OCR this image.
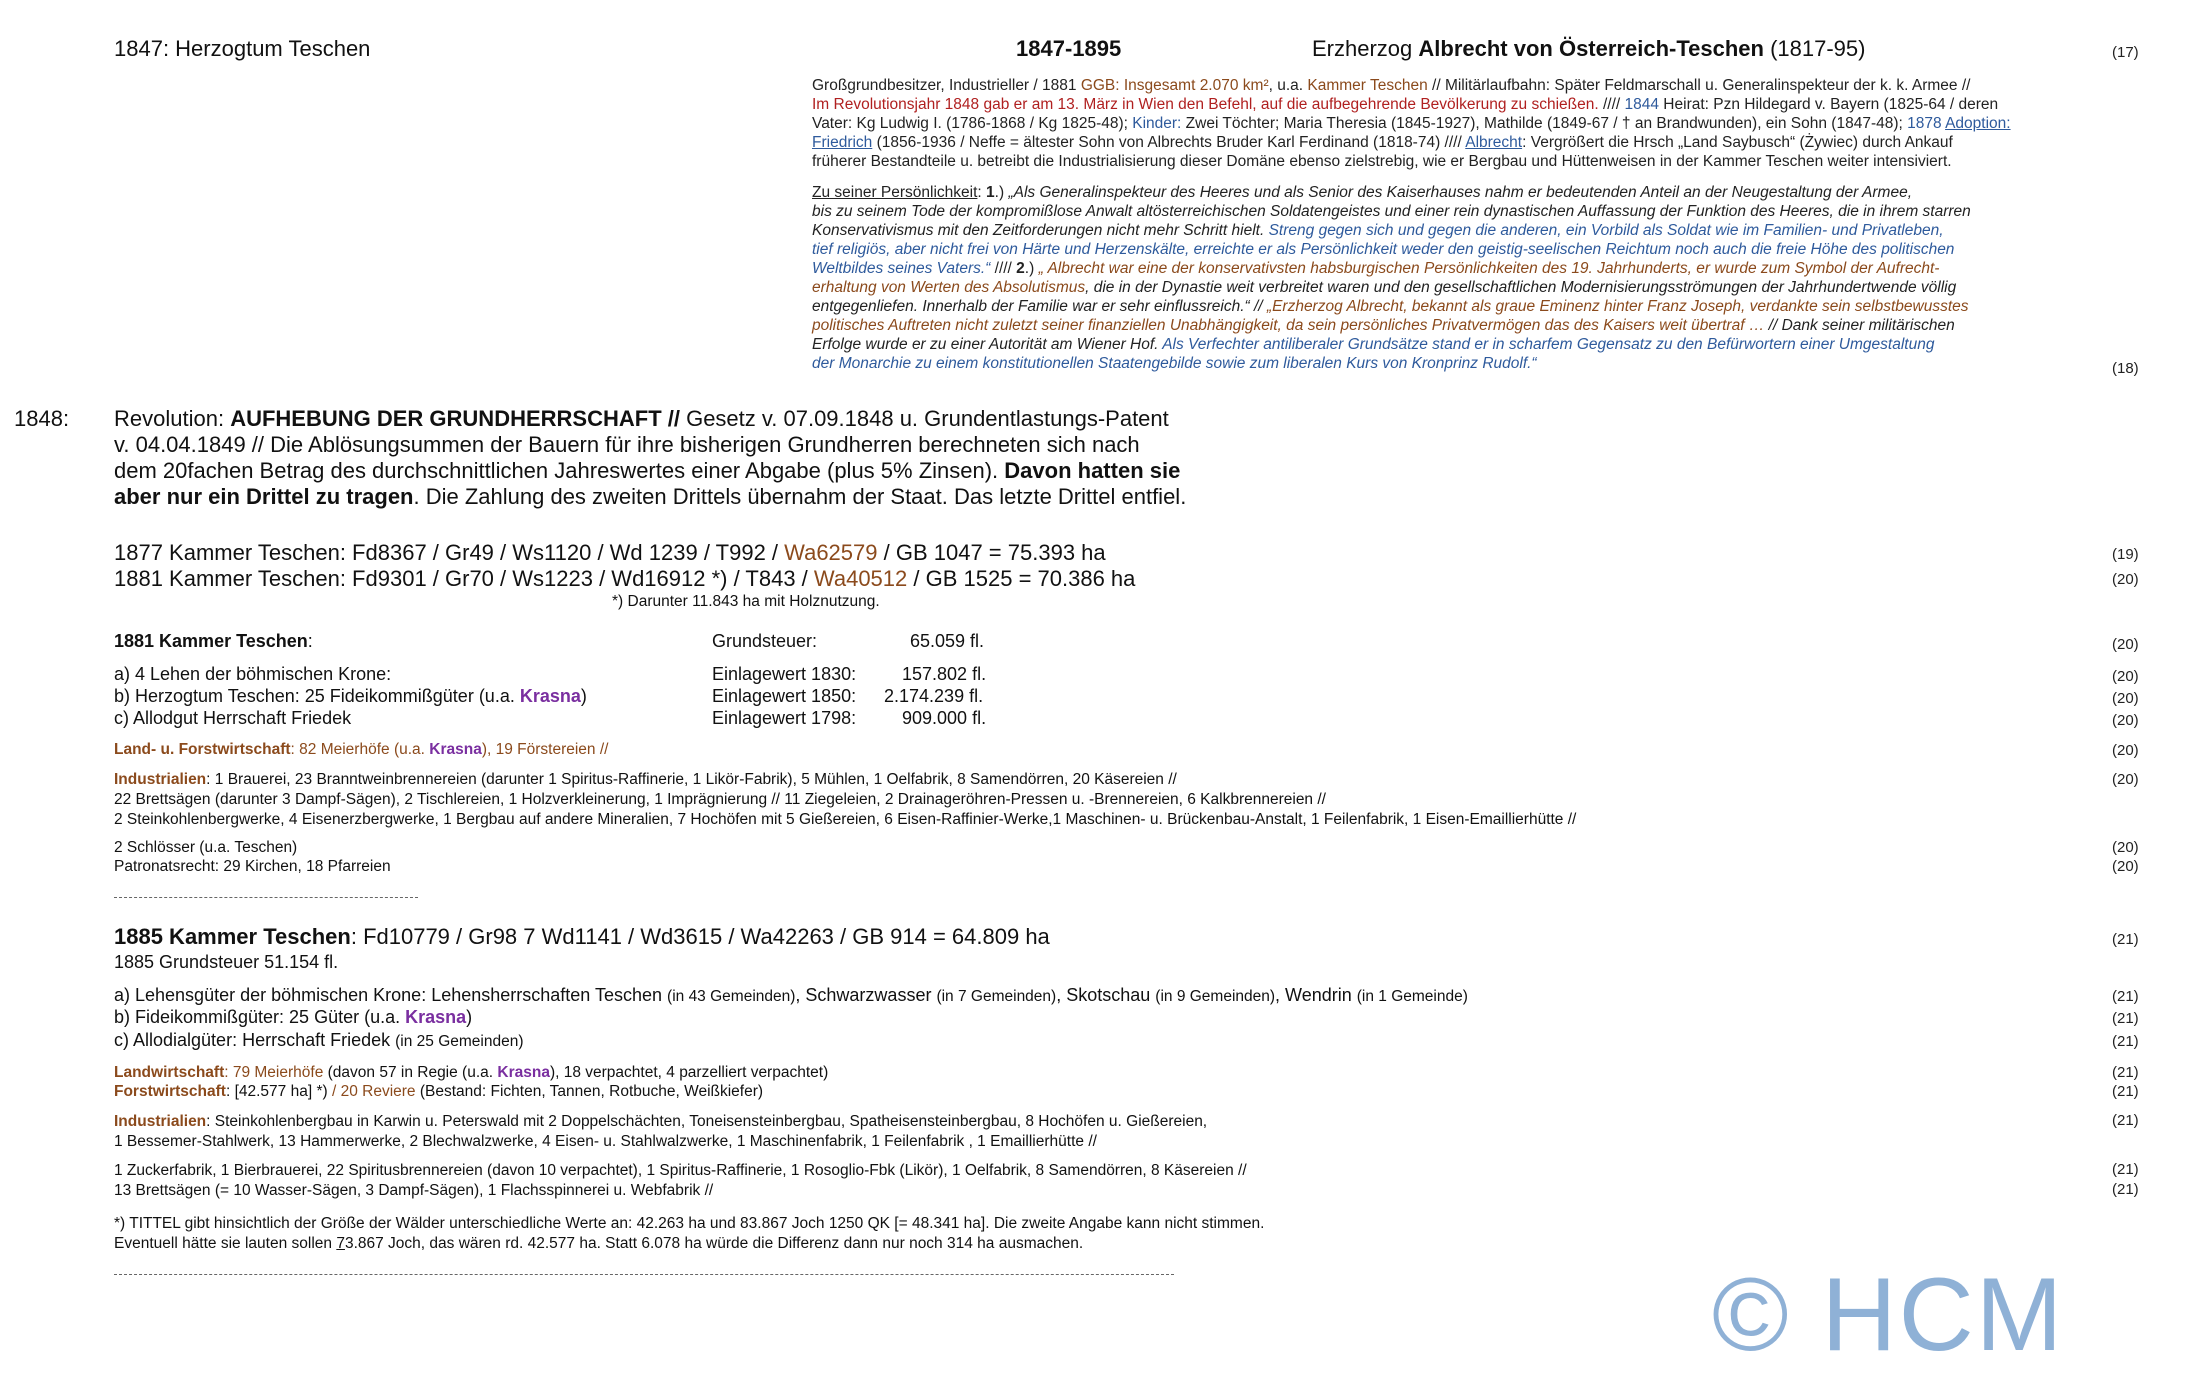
1847: Herzogtum Teschen	1847-1895	Erzherzog Albrecht von Österreich-Teschen (1817-95)	(17)
Großgrundbesitzer, Industrieller / 1881 GGB: Insgesamt 2.070 km², u.a. Kammer Teschen // Militärlaufbahn: Später Feldmarschall u. Generalinspekteur der k. k. Armee //
Im Revolutionsjahr 1848 gab er am 13. März in Wien den Befehl, auf die aufbegehrende Bevölkerung zu schießen. //// 1844 Heirat: Pzn Hildegard v. Bayern (1825-64 / deren
Vater: Kg Ludwig I. (1786-1868 / Kg 1825-48); Kinder: Zwei Töchter; Maria Theresia (1845-1927), Mathilde (1849-67 / † an Brandwunden), ein Sohn (1847-48); 1878 Adoption:
Friedrich (1856-1936 / Neffe = ältester Sohn von Albrechts Bruder Karl Ferdinand (1818-74) //// Albrecht: Vergrößert die Hrsch „Land Saybusch“ (Żywiec) durch Ankauf
früherer Bestandteile u. betreibt die Industrialisierung dieser Domäne ebenso zielstrebig, wie er Bergbau und Hüttenweisen in der Kammer Teschen weiter intensiviert.
Zu seiner Persönlichkeit: 1.) „Als Generalinspekteur des Heeres und als Senior des Kaiserhauses nahm er bedeutenden Anteil an der Neugestaltung der Armee,
bis zu seinem Tode der kompromißlose Anwalt altösterreichischen Soldatengeistes und einer rein dynastischen Auffassung der Funktion des Heeres, die in ihrem starren
Konservativismus mit den Zeitforderungen nicht mehr Schritt hielt. Streng gegen sich und gegen die anderen, ein Vorbild als Soldat wie im Familien- und Privatleben,
tief religiös, aber nicht frei von Härte und Herzenskälte, erreichte er als Persönlichkeit weder den geistig-seelischen Reichtum noch auch die freie Höhe des politischen
Weltbildes seines Vaters.“ //// 2.) „ Albrecht war eine der konservativsten habsburgischen Persönlichkeiten des 19. Jahrhunderts, er wurde zum Symbol der Aufrecht-
erhaltung von Werten des Absolutismus, die in der Dynastie weit verbreitet waren und den gesellschaftlichen Modernisierungsströmungen der Jahrhundertwende völlig
entgegenliefen. Innerhalb der Familie war er sehr einflussreich.“ // „Erzherzog Albrecht, bekannt als graue Eminenz hinter Franz Joseph, verdankte sein selbstbewusstes
politisches Auftreten nicht zuletzt seiner finanziellen Unabhängigkeit, da sein persönliches Privatvermögen das des Kaisers weit übertraf … // Dank seiner militärischen
Erfolge wurde er zu einer Autorität am Wiener Hof. Als Verfechter antiliberaler Grundsätze stand er in scharfem Gegensatz zu den Befürwortern einer Umgestaltung
der Monarchie zu einem konstitutionellen Staatengebilde sowie zum liberalen Kurs von Kronprinz Rudolf.“	(18)
1848: Revolution: AUFHEBUNG DER GRUNDHERRSCHAFT // Gesetz v. 07.09.1848 u. Grundentlastungs-Patent
v. 04.04.1849 // Die Ablösungsummen der Bauern für ihre bisherigen Grundherren berechneten sich nach
dem 20fachen Betrag des durchschnittlichen Jahreswertes einer Abgabe (plus 5% Zinsen). Davon hatten sie
aber nur ein Drittel zu tragen. Die Zahlung des zweiten Drittels übernahm der Staat. Das letzte Drittel entfiel.
1877 Kammer Teschen: Fd8367 / Gr49 / Ws1120 / Wd 1239 / T992 / Wa62579 / GB 1047 = 75.393 ha	(19)
1881 Kammer Teschen: Fd9301 / Gr70 / Ws1223 / Wd16912 *) / T843 / Wa40512 / GB 1525 = 70.386 ha	(20)
*) Darunter 11.843 ha mit Holznutzung.
1881 Kammer Teschen:	Grundsteuer:	65.059 fl.	(20)
a) 4 Lehen der böhmischen Krone:	Einlagewert 1830:	157.802 fl.	(20)
b) Herzogtum Teschen: 25 Fideikommißgüter (u.a. Krasna)	Einlagewert 1850: 2.174.239 fl.	(20)
c) Allodgut Herrschaft Friedek	Einlagewert 1798:	909.000 fl.	(20)
Land- u. Forstwirtschaft: 82 Meierhöfe (u.a. Krasna), 19 Förstereien //	(20)
Industrialien: 1 Brauerei, 23 Branntweinbrennereien (darunter 1 Spiritus-Raffinerie, 1 Likör-Fabrik), 5 Mühlen, 1 Oelfabrik, 8 Samendörren, 20 Käsereien //
22 Brettsägen (darunter 3 Dampf-Sägen), 2 Tischlereien, 1 Holzverkleinerung, 1 Imprägnierung // 11 Ziegeleien, 2 Drainageröhren-Pressen u. -Brennereien, 6 Kalkbrennereien //
2 Steinkohlenbergwerke, 4 Eisenerzbergwerke, 1 Bergbau auf andere Mineralien, 7 Hochöfen mit 5 Gießereien, 6 Eisen-Raffinier-Werke,1 Maschinen- u. Brückenbau-Anstalt, 1 Feilenfabrik, 1 Eisen-Emaillierhütte //
(20)
2 Schlösser (u.a. Teschen)	(20)
Patronatsrecht: 29 Kirchen, 18 Pfarreien	(20)
1885 Kammer Teschen: Fd10779 / Gr98 7 Wd1141 / Wd3615 / Wa42263 / GB 914 = 64.809 ha	(21)
1885 Grundsteuer 51.154 fl.
a) Lehensgüter der böhmischen Krone: Lehensherrschaften Teschen (in 43 Gemeinden), Schwarzwasser (in 7 Gemeinden), Skotschau (in 9 Gemeinden), Wendrin (in 1 Gemeinde)	(21)
b) Fideikommißgüter: 25 Güter (u.a. Krasna)	(21)
c) Allodialgüter: Herrschaft Friedek (in 25 Gemeinden)	(21)
Landwirtschaft: 79 Meierhöfe (davon 57 in Regie (u.a. Krasna), 18 verpachtet, 4 parzelliert verpachtet)	(21)
Forstwirtschaft: [42.577 ha] *) / 20 Reviere (Bestand: Fichten, Tannen, Rotbuche, Weißkiefer)	(21)
Industrialien: Steinkohlenbergbau in Karwin u. Peterswald mit 2 Doppelschächten, Toneisensteinbergbau, Spatheisensteinbergbau, 8 Hochöfen u. Gießereien,
1 Bessemer-Stahlwerk, 13 Hammerwerke, 2 Blechwalzwerke, 4 Eisen- u. Stahlwalzwerke, 1 Maschinenfabrik, 1 Feilenfabrik , 1 Emaillierhütte //
(21)
1 Zuckerfabrik, 1 Bierbrauerei, 22 Spiritusbrennereien (davon 10 verpachtet), 1 Spiritus-Raffinerie, 1 Rosoglio-Fbk (Likör), 1 Oelfabrik, 8 Samendörren, 8 Käsereien //
13 Brettsägen (= 10 Wasser-Sägen, 3 Dampf-Sägen), 1 Flachsspinnerei u. Webfabrik //
(21)
(21)
*) TITTEL gibt hinsichtlich der Größe der Wälder unterschiedliche Werte an: 42.263 ha und 83.867 Joch 1250 QK [= 48.341 ha]. Die zweite Angabe kann nicht stimmen.
Eventuell hätte sie lauten sollen 73.867 Joch, das wären rd. 42.577 ha. Statt 6.078 ha würde die Differenz dann nur noch 314 ha ausmachen.
© HCM
